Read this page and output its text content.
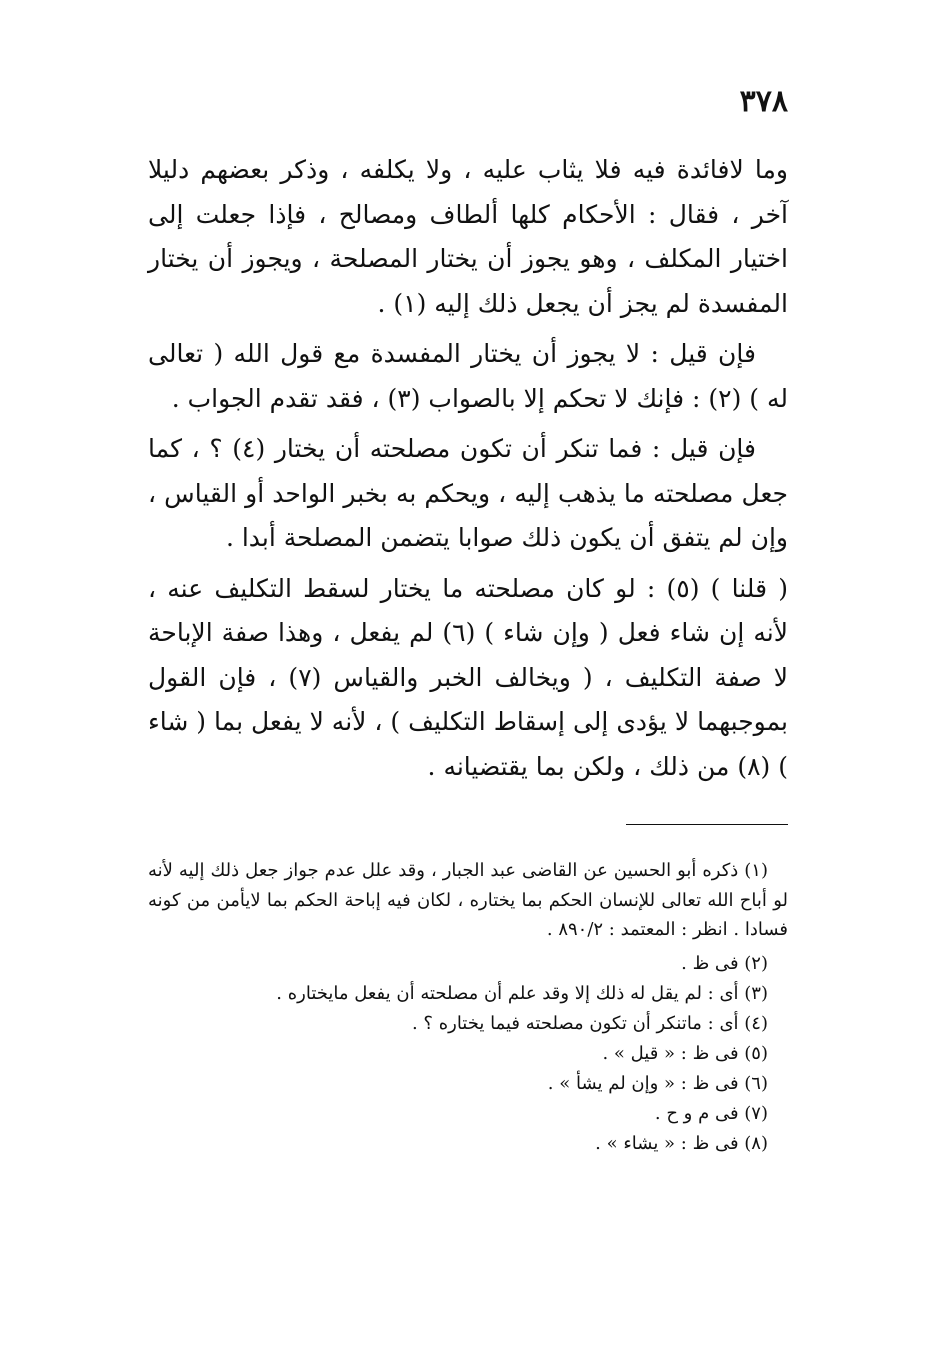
٣٧٨

وما لافائدة فيه فلا يثاب عليه ، ولا يكلفه ، وذكر بعضهم دليلا آخر ، فقال : الأحكام كلها ألطاف ومصالح ، فإذا جعلت إلى اختيار المكلف ، وهو يجوز أن يختار المصلحة ، ويجوز أن يختار المفسدة لم يجز أن يجعل ذلك إليه (١) .

فإن قيل : لا يجوز أن يختار المفسدة مع قول الله ( تعالى له ) (٢) : فإنك لا تحكم إلا بالصواب (٣) ، فقد تقدم الجواب .

فإن قيل : فما تنكر أن تكون مصلحته أن يختار (٤) ؟ ، كما جعل مصلحته ما يذهب إليه ، ويحكم به بخبر الواحد أو القياس ، وإن لم يتفق أن يكون ذلك صوابا يتضمن المصلحة أبدا .

( قلنا ) (٥) : لو كان مصلحته ما يختار لسقط التكليف عنه ، لأنه إن شاء فعل ( وإن شاء ) (٦) لم يفعل ، وهذا صفة الإباحة لا صفة التكليف ، ( ويخالف الخبر والقياس (٧) ، فإن القول بموجبهما لا يؤدى إلى إسقاط التكليف ) ، لأنه لا يفعل بما ( شاء ) (٨) من ذلك ، ولكن بما يقتضيانه .

(١) ذكره أبو الحسين عن القاضى عبد الجبار ، وقد علل عدم جواز جعل ذلك إليه لأنه لو أباح الله تعالى للإنسان الحكم بما يختاره ، لكان فيه إباحة الحكم بما لايأمن من كونه فسادا . انظر : المعتمد : ٨٩٠/٢ .

(٢) فى ظ .
(٣) أى : لم يقل له ذلك إلا وقد علم أن مصلحته أن يفعل مايختاره .
(٤) أى : ماتنكر أن تكون مصلحته فيما يختاره ؟ .
(٥) فى ظ : « قيل » .
(٦) فى ظ : « وإن لم يشأ » .
(٧) فى م و ح .
(٨) فى ظ : « يشاء » .
